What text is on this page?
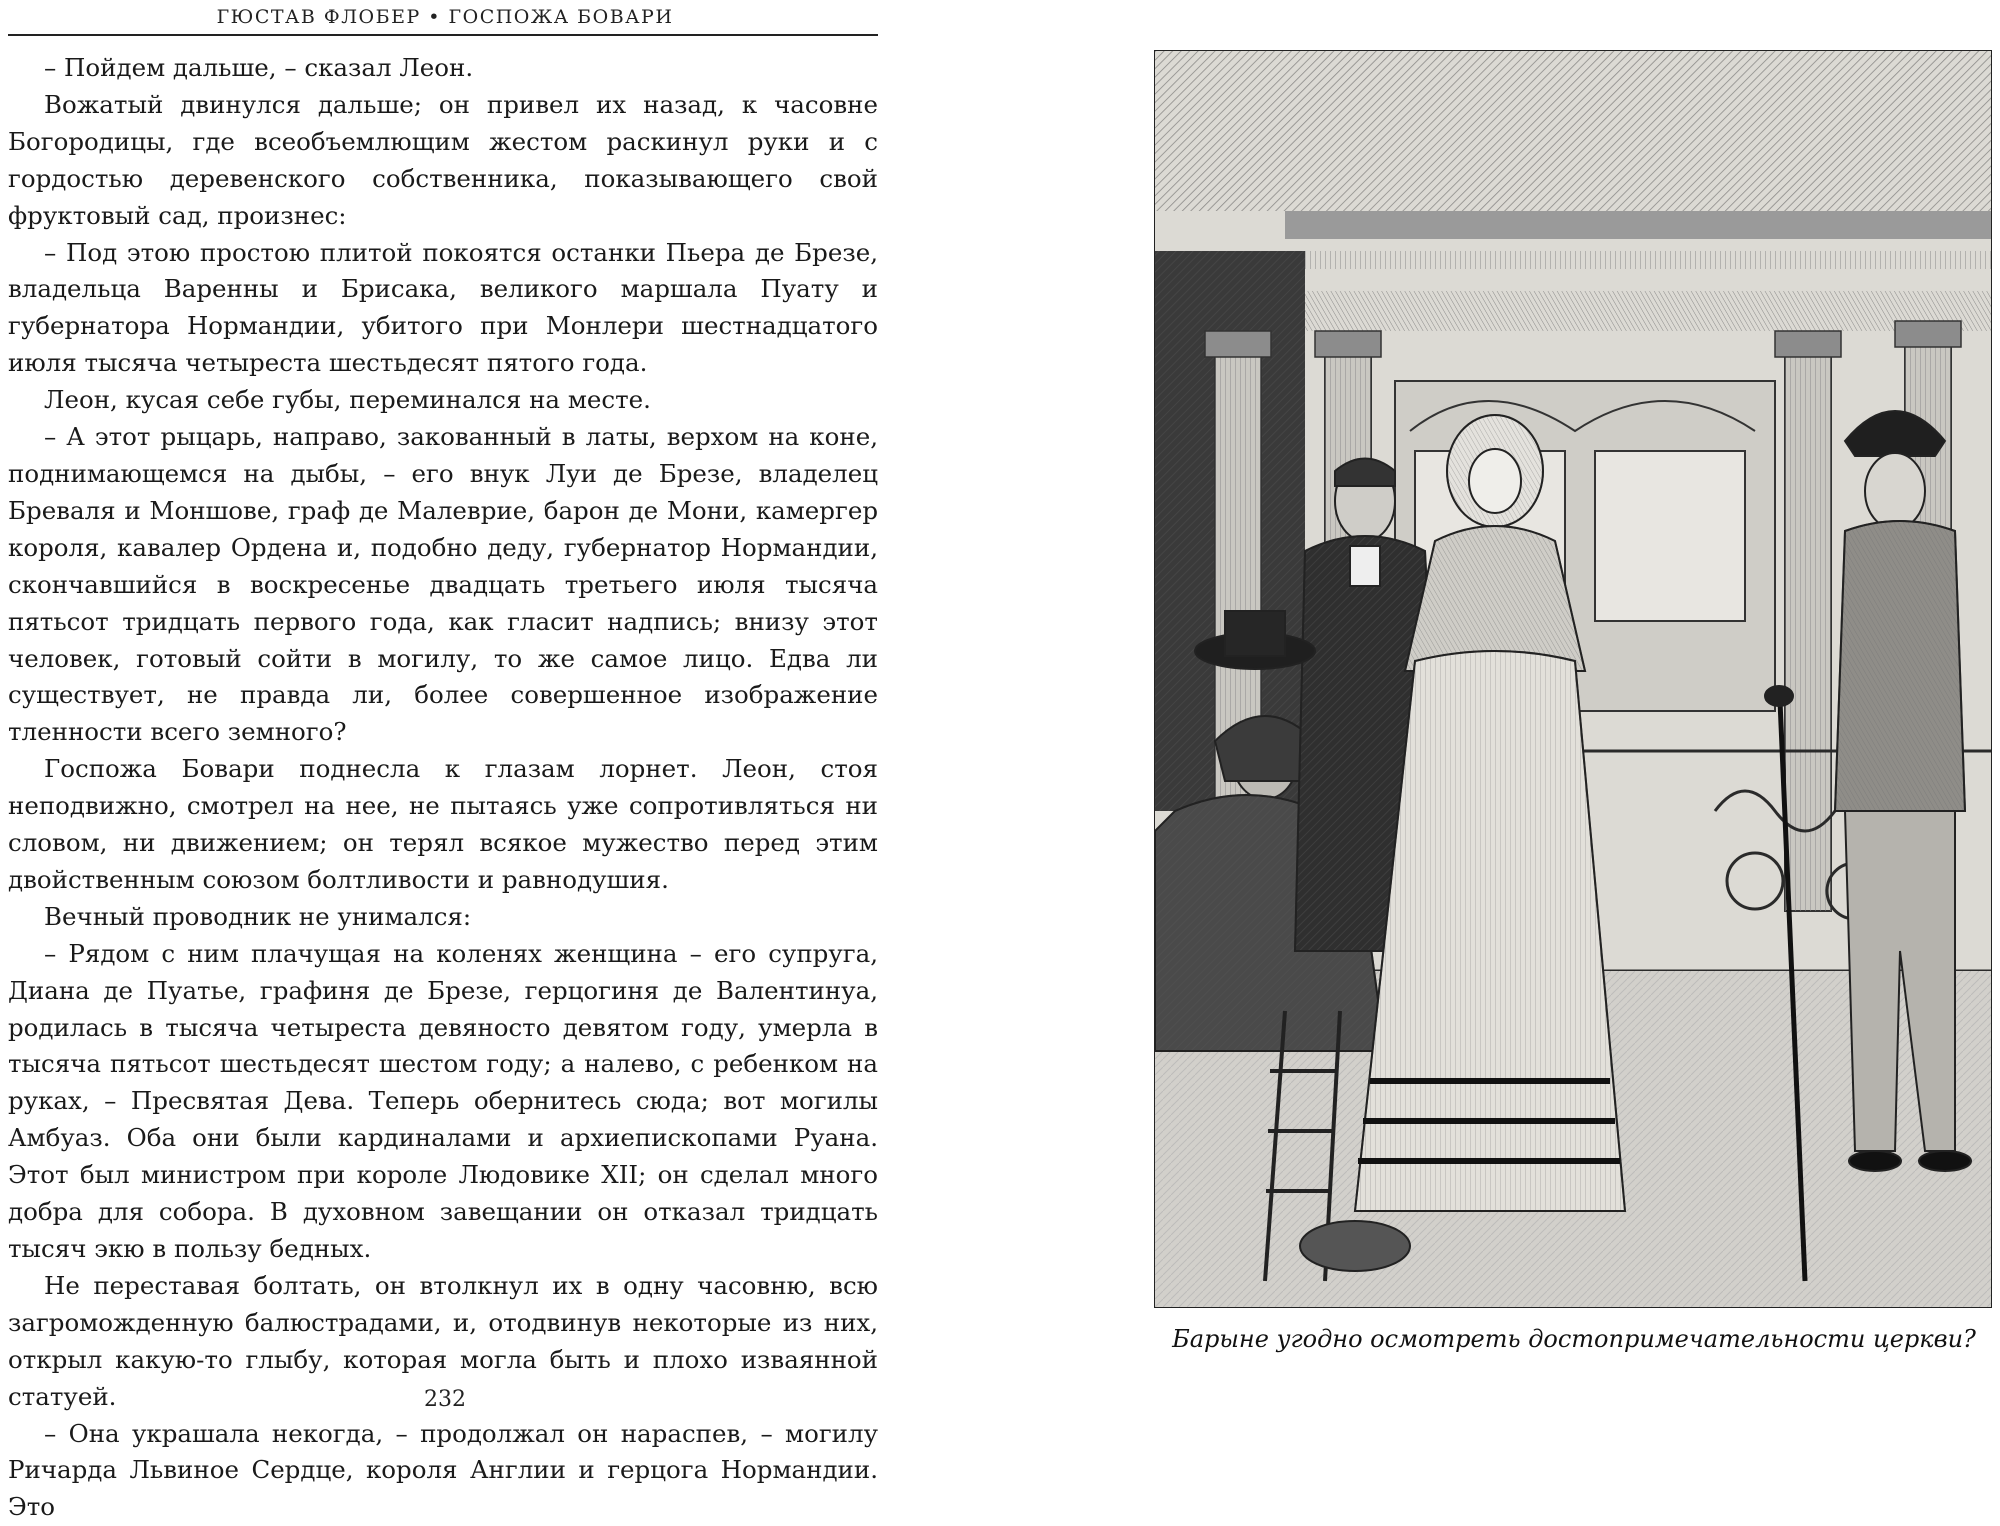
ГЮСТАВ ФЛОБЕР • ГОСПОЖА БОВАРИ

– Пойдем дальше, – сказал Леон.

Вожатый двинулся дальше; он привел их назад, к часовне Богородицы, где всеобъемлющим жестом раскинул руки и с гордостью деревенского собственника, показывающего свой фруктовый сад, произнес:

– Под этою простою плитой покоятся останки Пьера де Брезе, владельца Варенны и Брисака, великого маршала Пуату и губернатора Нормандии, убитого при Монлери шестнадцатого июля тысяча четыреста шестьдесят пятого года.

Леон, кусая себе губы, переминался на месте.

– А этот рыцарь, направо, закованный в латы, верхом на коне, поднимающемся на дыбы, – его внук Луи де Брезе, владелец Бреваля и Моншове, граф де Малеврие, барон де Мони, камергер короля, кавалер Ордена и, подобно деду, губернатор Нормандии, скончавшийся в воскресенье двадцать третьего июля тысяча пятьсот тридцать первого года, как гласит надпись; внизу этот человек, готовый сойти в могилу, то же самое лицо. Едва ли существует, не правда ли, более совершенное изображение тленности всего земного?

Госпожа Бовари поднесла к глазам лорнет. Леон, стоя неподвижно, смотрел на нее, не пытаясь уже сопротивляться ни словом, ни движением; он терял всякое мужество перед этим двойственным союзом болтливости и равнодушия.

Вечный проводник не унимался:

– Рядом с ним плачущая на коленях женщина – его супруга, Диана де Пуатье, графиня де Брезе, герцогиня де Валентинуа, родилась в тысяча четыреста девяносто девятом году, умерла в тысяча пятьсот шестьдесят шестом году; а налево, с ребенком на руках, – Пресвятая Дева. Теперь обернитесь сюда; вот могилы Амбуаз. Оба они были кардиналами и архиепископами Руана. Этот был министром при короле Людовике XII; он сделал много добра для собора. В духовном завещании он отказал тридцать тысяч экю в пользу бедных.

Не переставая болтать, он втолкнул их в одну часовню, всю загроможденную балюстрадами, и, отодвинув некоторые из них, открыл какую-то глыбу, которая могла быть и плохо изваянной статуей.

– Она украшала некогда, – продолжал он нараспев, – могилу Ричарда Львиное Сердце, короля Англии и герцога Нормандии. Это

232
Барыне угодно осмотреть достопримечательности церкви?
